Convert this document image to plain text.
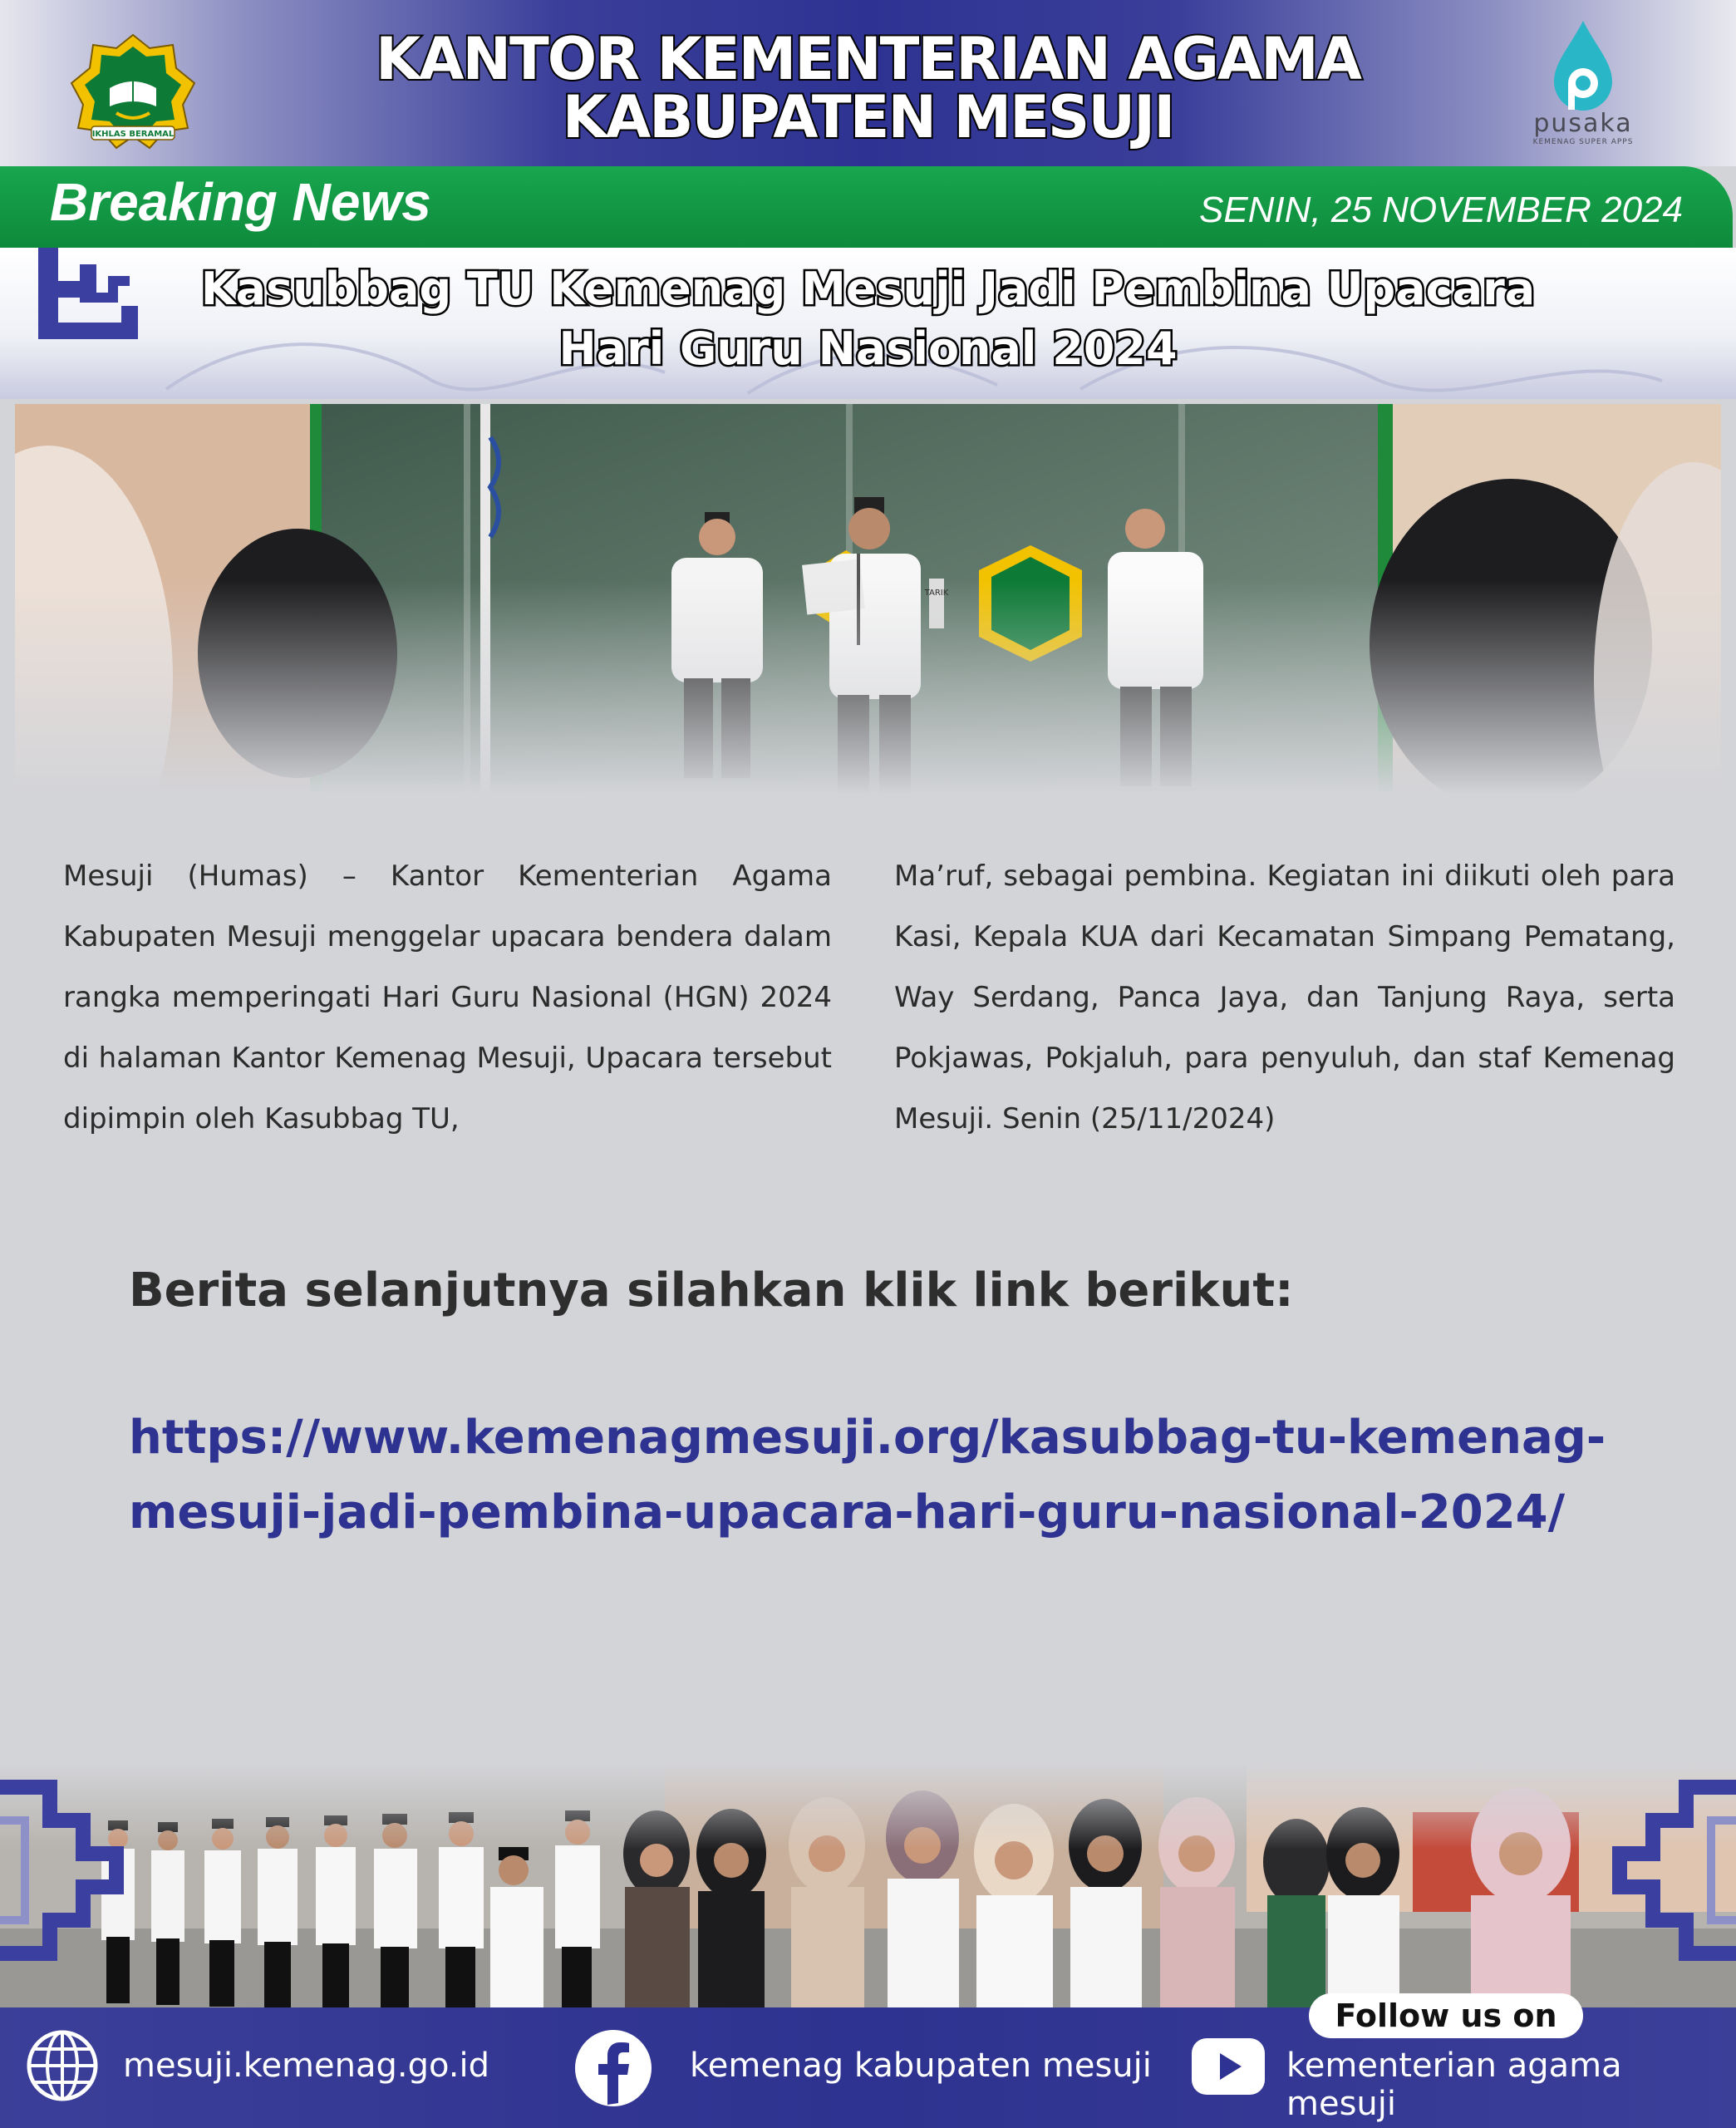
IKHLAS BERAMAL
KANTOR KEMENTERIAN AGAMA
KABUPATEN MESUJI	pusaka
KEMENAG SUPER APPS
Breaking News	SENIN, 25 NOVEMBER 2024
Kasubbag TU Kemenag Mesuji Jadi Pembina Upacara
Hari Guru Nasional 2024
Mesuji (Humas) – Kantor Kementerian Agama Kabupaten Mesuji menggelar upacara bendera dalam rangka memperingati Hari Guru Nasional (HGN) 2024 di halaman Kantor Kemenag Mesuji, Upacara tersebut dipimpin oleh Kasubbag TU,
Ma’ruf, sebagai pembina. Kegiatan ini diikuti oleh para Kasi, Kepala KUA dari Kecamatan Simpang Pematang, Way Serdang, Panca Jaya, dan Tanjung Raya, serta Pokjawas, Pokjaluh, para penyuluh, dan staf Kemenag Mesuji. Senin (25/11/2024)
Berita selanjutnya silahkan klik link berikut:
https://www.kemenagmesuji.org/kasubbag-tu-kemenag-
mesuji-jadi-pembina-upacara-hari-guru-nasional-2024/
Follow us on
mesuji.kemenag.go.id	kemenag kabupaten mesuji	kementerian agama mesuji
